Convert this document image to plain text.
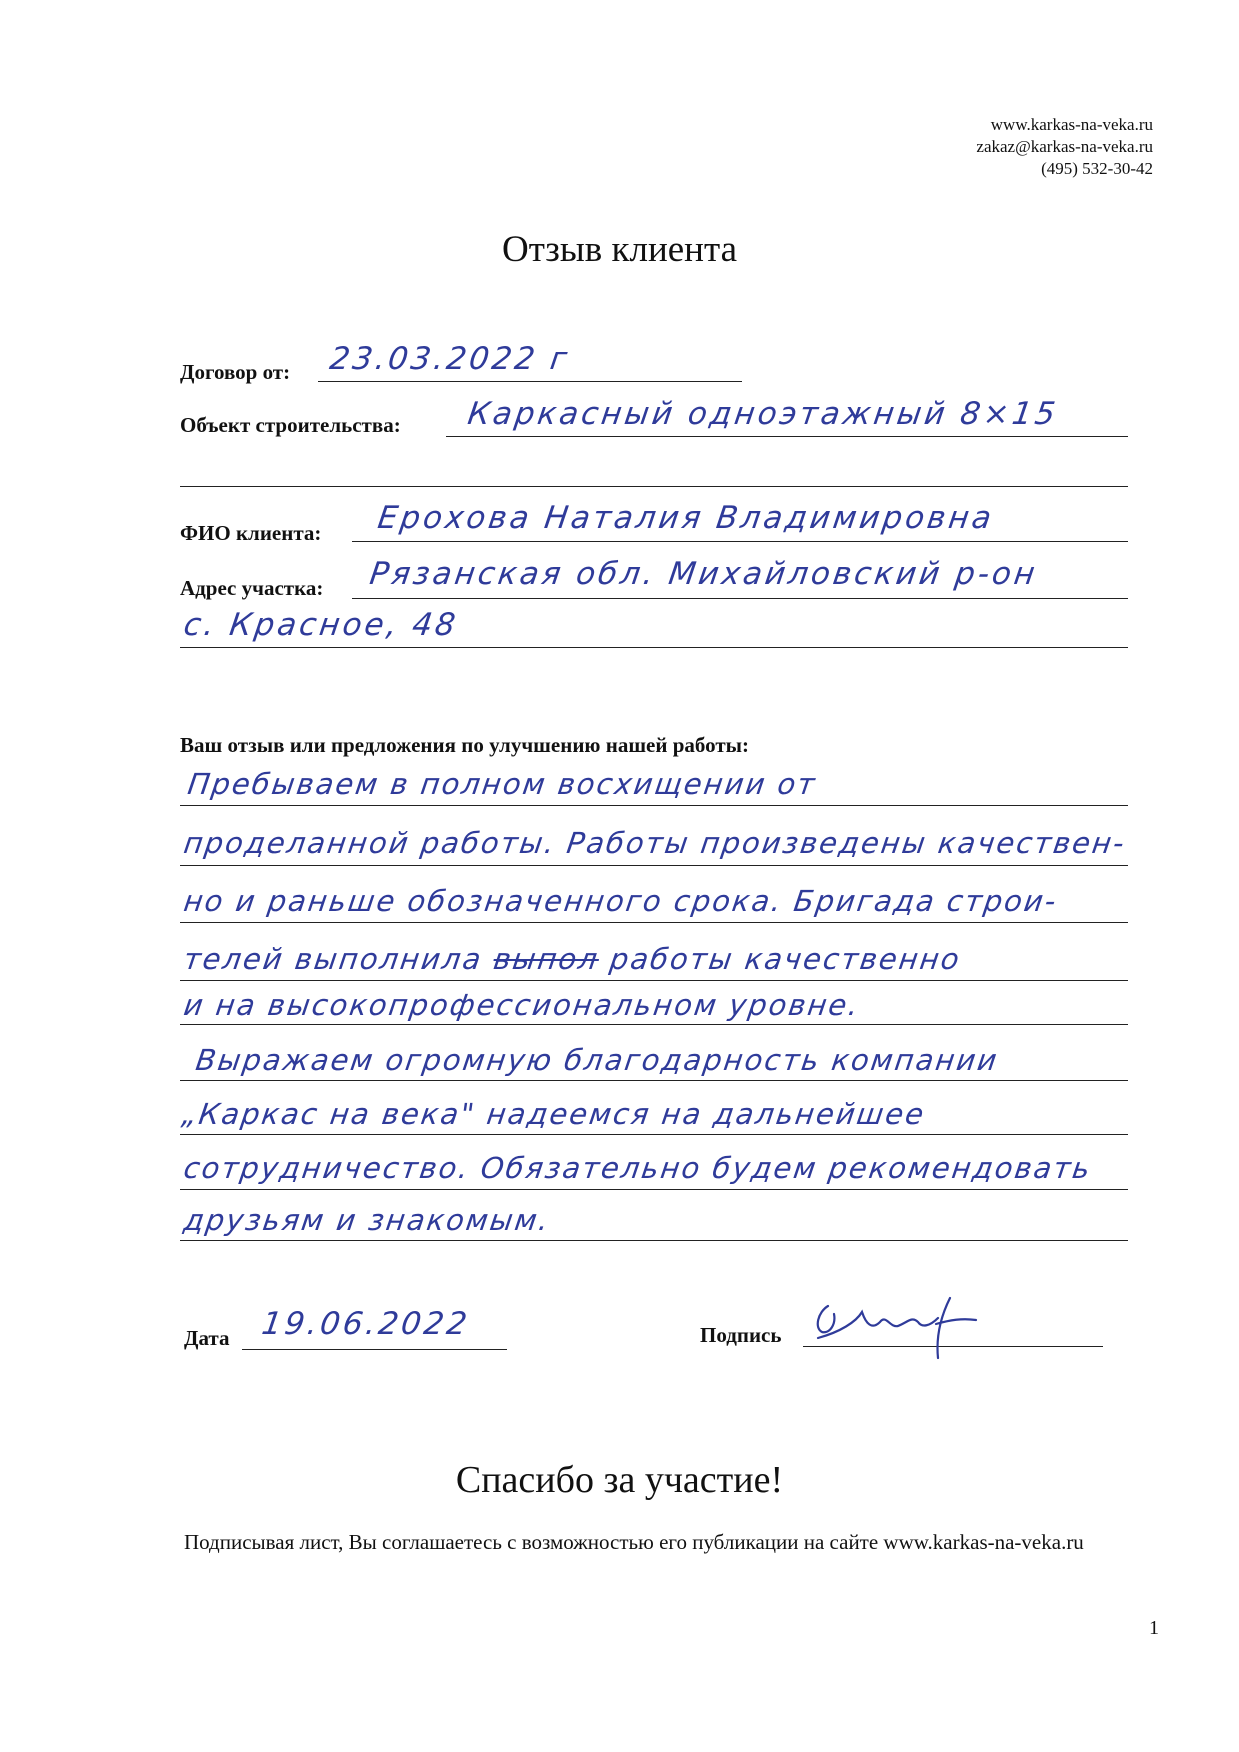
www.karkas-na-veka.ru
zakaz@karkas-na-veka.ru
(495) 532-30-42
Отзыв клиента
Договор от: 23.03.2022 г
Объект строительства: Каркасный одноэтажный 8×15
ФИО клиента: Ерохова Наталия Владимировна
Адрес участка: Рязанская обл. Михайловский р-он
с. Красное, 48
Ваш отзыв или предложения по улучшению нашей работы:
Пребываем в полном восхищении от
проделанной работы. Работы произведены качествен-
но и раньше обозначенного срока. Бригада строи-
телей выполнила выпол работы качественно
и на высокопрофессиональном уровне.
Выражаем огромную благодарность компании
„Каркас на века" надеемся на дальнейшее
сотрудничество. Обязательно будем рекомендовать
друзьям и знакомым.
Дата 19.06.2022	Подпись
Спасибо за участие!
Подписывая лист, Вы соглашаетесь с возможностью его публикации на сайте www.karkas-na-veka.ru
1
